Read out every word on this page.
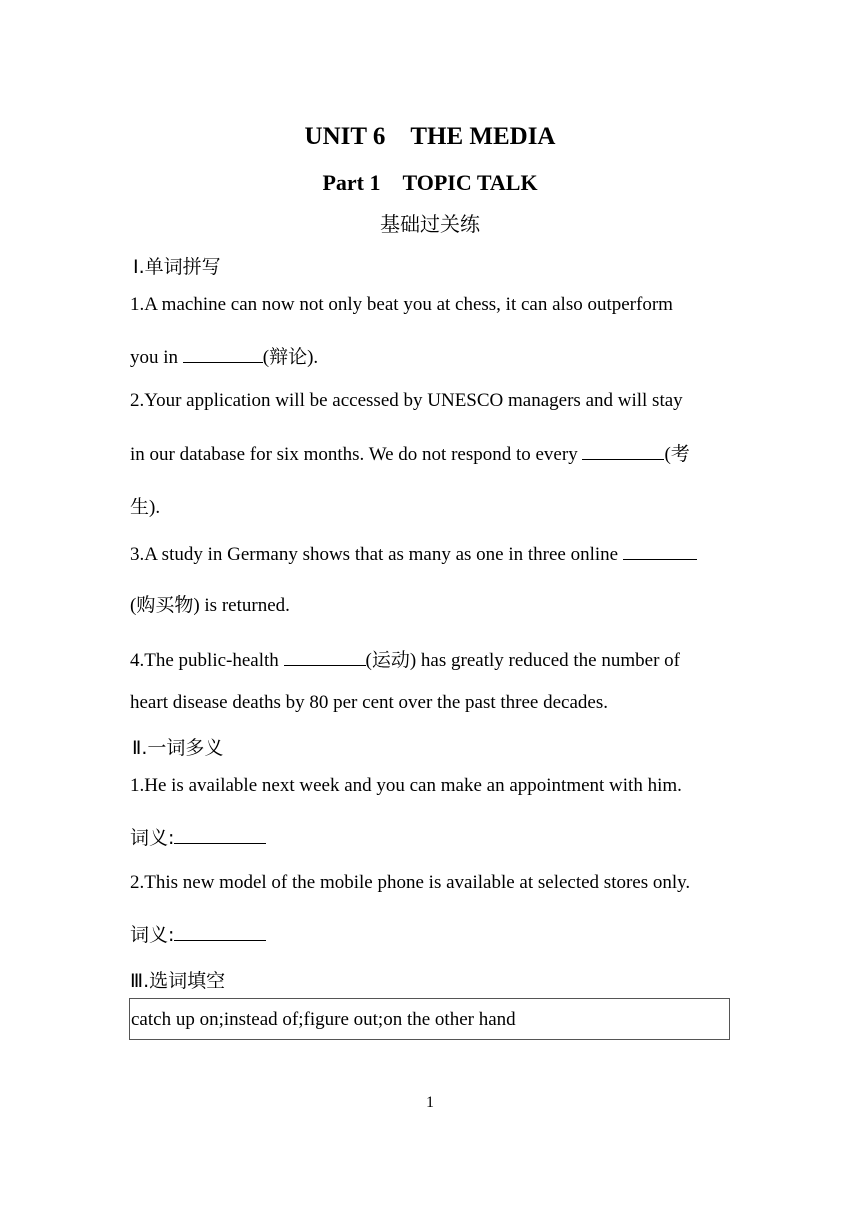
UNIT 6　THE MEDIA
Part 1　TOPIC TALK
基础过关练
Ⅰ.单词拼写
1.A machine can now not only beat you at chess, it can also outperform
you in	(辩论).
2.Your application will be accessed by UNESCO managers and will stay
in our database for six months. We do not respond to every	(考
生).
3.A study in Germany shows that as many as one in three online
(购买物) is returned.
4.The public-health	(运动) has greatly reduced the number of
heart disease deaths by 80 per cent over the past three decades.
Ⅱ.一词多义
1.He is available next week and you can make an appointment with him.
词义:
2.This new model of the mobile phone is available at selected stores only.
词义:
Ⅲ.选词填空
catch up on;instead of;figure out;on the other hand
1
